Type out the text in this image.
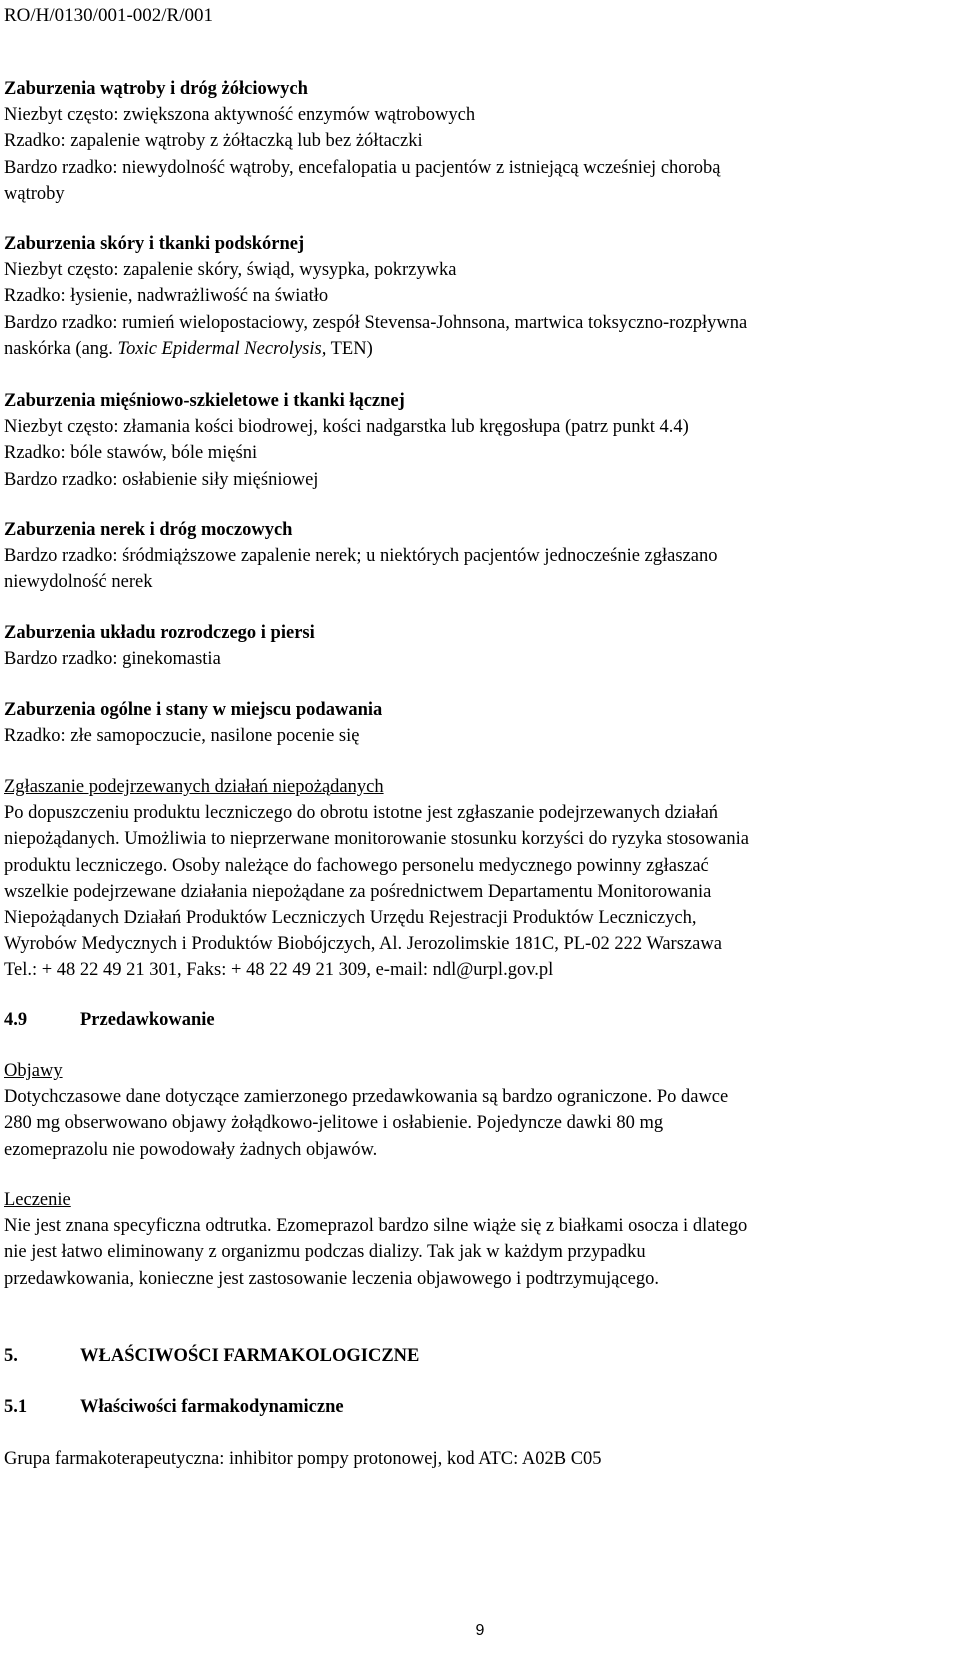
RO/H/0130/001-002/R/001
Zaburzenia wątroby i dróg żółciowych
Niezbyt często: zwiększona aktywność enzymów wątrobowych
Rzadko: zapalenie wątroby z żółtaczką lub bez żółtaczki
Bardzo rzadko: niewydolność wątroby, encefalopatia u pacjentów z istniejącą wcześniej chorobą
wątroby
Zaburzenia skóry i tkanki podskórnej
Niezbyt często: zapalenie skóry, świąd, wysypka, pokrzywka
Rzadko: łysienie, nadwrażliwość na światło
Bardzo rzadko: rumień wielopostaciowy, zespół Stevensa-Johnsona, martwica toksyczno-rozpływna
naskórka (ang. Toxic Epidermal Necrolysis, TEN)
Zaburzenia mięśniowo-szkieletowe i tkanki łącznej
Niezbyt często: złamania kości biodrowej, kości nadgarstka lub kręgosłupa (patrz punkt 4.4)
Rzadko: bóle stawów, bóle mięśni
Bardzo rzadko: osłabienie siły mięśniowej
Zaburzenia nerek i dróg moczowych
Bardzo rzadko: śródmiąższowe zapalenie nerek; u niektórych pacjentów jednocześnie zgłaszano
niewydolność nerek
Zaburzenia układu rozrodczego i piersi
Bardzo rzadko: ginekomastia
Zaburzenia ogólne i stany w miejscu podawania
Rzadko: złe samopoczucie, nasilone pocenie się
Zgłaszanie podejrzewanych działań niepożądanych
Po dopuszczeniu produktu leczniczego do obrotu istotne jest zgłaszanie podejrzewanych działań
niepożądanych. Umożliwia to nieprzerwane monitorowanie stosunku korzyści do ryzyka stosowania
produktu leczniczego. Osoby należące do fachowego personelu medycznego powinny zgłaszać
wszelkie podejrzewane działania niepożądane za pośrednictwem Departamentu Monitorowania
Niepożądanych Działań Produktów Leczniczych Urzędu Rejestracji Produktów Leczniczych,
Wyrobów Medycznych i Produktów Biobójczych, Al. Jerozolimskie 181C, PL-02 222 Warszawa
Tel.: + 48 22 49 21 301, Faks: + 48 22 49 21 309, e-mail: ndl@urpl.gov.pl
4.9	Przedawkowanie
Objawy
Dotychczasowe dane dotyczące zamierzonego przedawkowania są bardzo ograniczone. Po dawce
280 mg obserwowano objawy żołądkowo-jelitowe i osłabienie. Pojedyncze dawki 80 mg
ezomeprazolu nie powodowały żadnych objawów.
Leczenie
Nie jest znana specyficzna odtrutka. Ezomeprazol bardzo silne wiąże się z białkami osocza i dlatego
nie jest łatwo eliminowany z organizmu podczas dializy. Tak jak w każdym przypadku
przedawkowania, konieczne jest zastosowanie leczenia objawowego i podtrzymującego.
5.	WŁAŚCIWOŚCI FARMAKOLOGICZNE
5.1	Właściwości farmakodynamiczne
Grupa farmakoterapeutyczna: inhibitor pompy protonowej, kod ATC: A02B C05
9
